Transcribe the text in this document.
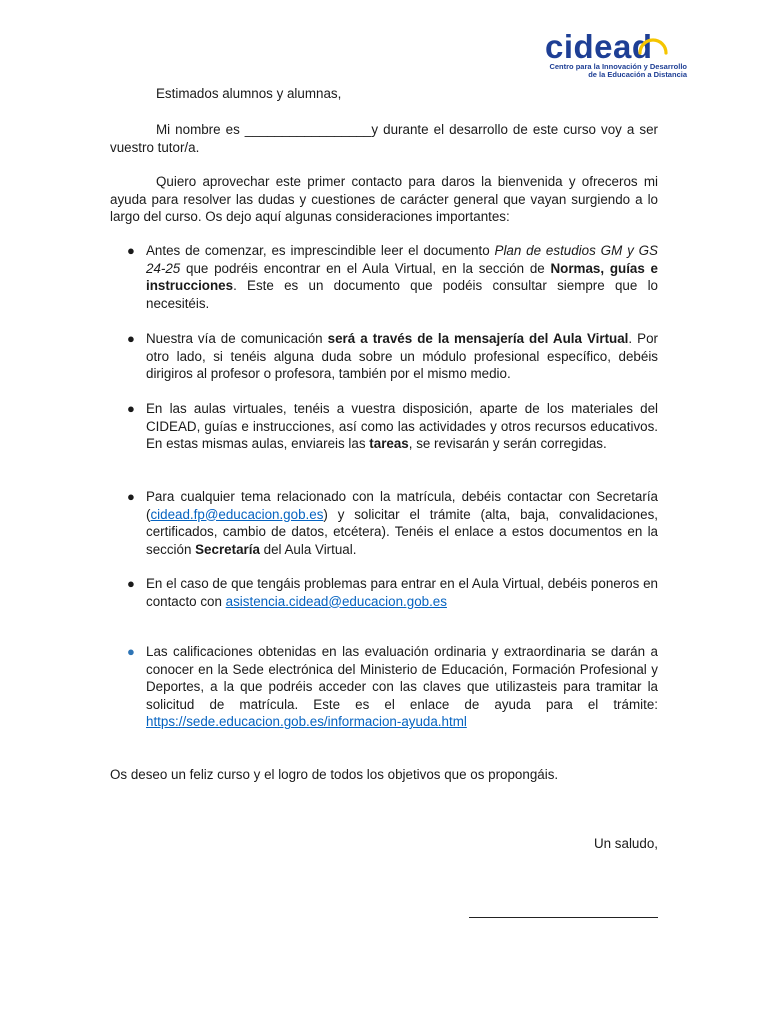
cidead
Centro para la Innovación y Desarrollo
de la Educación a Distancia

Estimados alumnos y alumnas,

Mi nombre es _________________y durante el desarrollo de este curso voy a ser vuestro tutor/a.

Quiero aprovechar este primer contacto para daros la bienvenida y ofreceros mi ayuda para resolver las dudas y cuestiones de carácter general que vayan surgiendo a lo largo del curso. Os dejo aquí algunas consideraciones importantes:

● Antes de comenzar, es imprescindible leer el documento Plan de estudios GM y GS 24-25 que podréis encontrar en el Aula Virtual, en la sección de Normas, guías e instrucciones. Este es un documento que podéis consultar siempre que lo necesitéis.
● Nuestra vía de comunicación será a través de la mensajería del Aula Virtual. Por otro lado, si tenéis alguna duda sobre un módulo profesional específico, debéis dirigiros al profesor o profesora, también por el mismo medio.
● En las aulas virtuales, tenéis a vuestra disposición, aparte de los materiales del CIDEAD, guías e instrucciones, así como las actividades y otros recursos educativos. En estas mismas aulas, enviareis las tareas, se revisarán y serán corregidas.
● Para cualquier tema relacionado con la matrícula, debéis contactar con Secretaría (cidead.fp@educacion.gob.es) y solicitar el trámite (alta, baja, convalidaciones, certificados, cambio de datos, etcétera). Tenéis el enlace a estos documentos en la sección Secretaría del Aula Virtual.
● En el caso de que tengáis problemas para entrar en el Aula Virtual, debéis poneros en contacto con asistencia.cidead@educacion.gob.es
● Las calificaciones obtenidas en las evaluación ordinaria y extraordinaria se darán a conocer en la Sede electrónica del Ministerio de Educación, Formación Profesional y Deportes, a la que podréis acceder con las claves que utilizasteis para tramitar la solicitud de matrícula. Este es el enlace de ayuda para el trámite: https://sede.educacion.gob.es/informacion-ayuda.html

Os deseo un feliz curso y el logro de todos los objetivos que os propongáis.

Un saludo,
